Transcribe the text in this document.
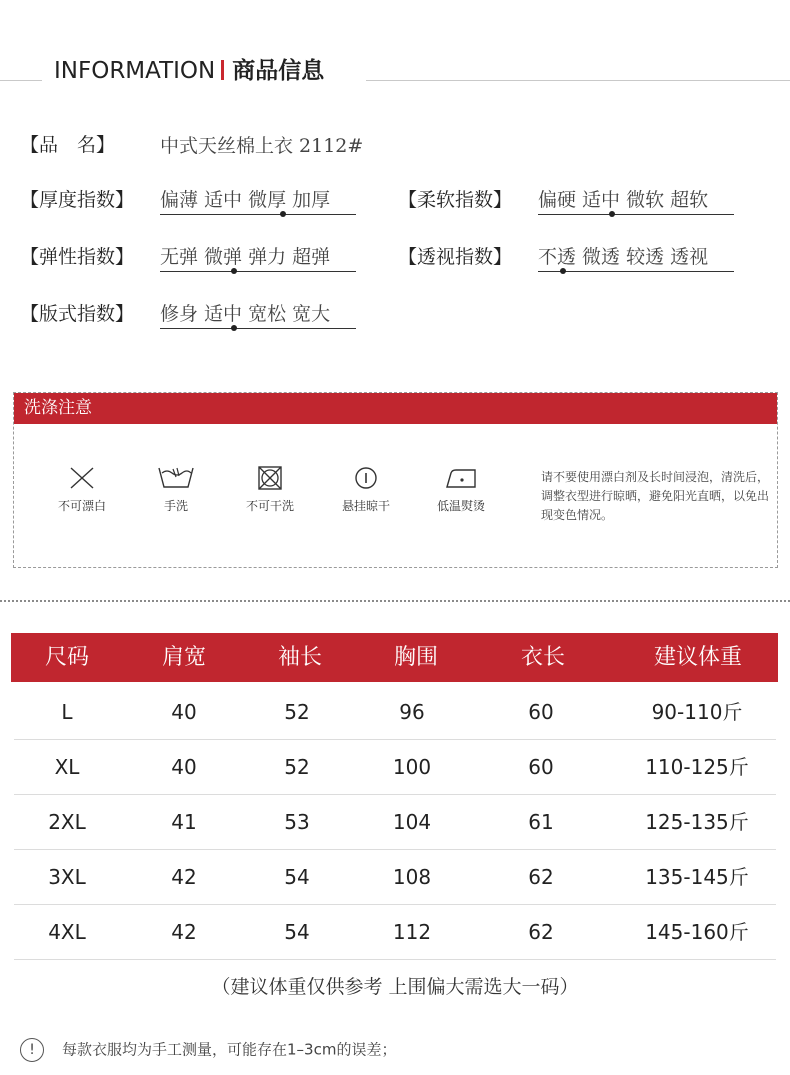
INFORMATION 商品信息
【品　名】 中式天丝棉上衣 2112#
【厚度指数】 偏薄 适中 微厚 加厚	【柔软指数】 偏硬 适中 微软 超软
【弹性指数】 无弹 微弹 弹力 超弹	【透视指数】 不透 微透 较透 透视
【版式指数】 修身 适中 宽松 宽大
洗涤注意
不可漂白	手洗	不可干洗	悬挂晾干	低温熨烫
请不要使用漂白剂及长时间浸泡，清洗后，调整衣型进行晾晒，避免阳光直晒，以免出现变色情况。
尺码	肩宽	袖长	胸围	衣长	建议体重
L	40	52	96	60	90-110斤
XL	40	52	100	60	110-125斤
2XL	41	53	104	61	125-135斤
3XL	42	54	108	62	135-145斤
4XL	42	54	112	62	145-160斤
（建议体重仅供参考 上围偏大需选大一码）
! 每款衣服均为手工测量，可能存在1–3cm的误差；
